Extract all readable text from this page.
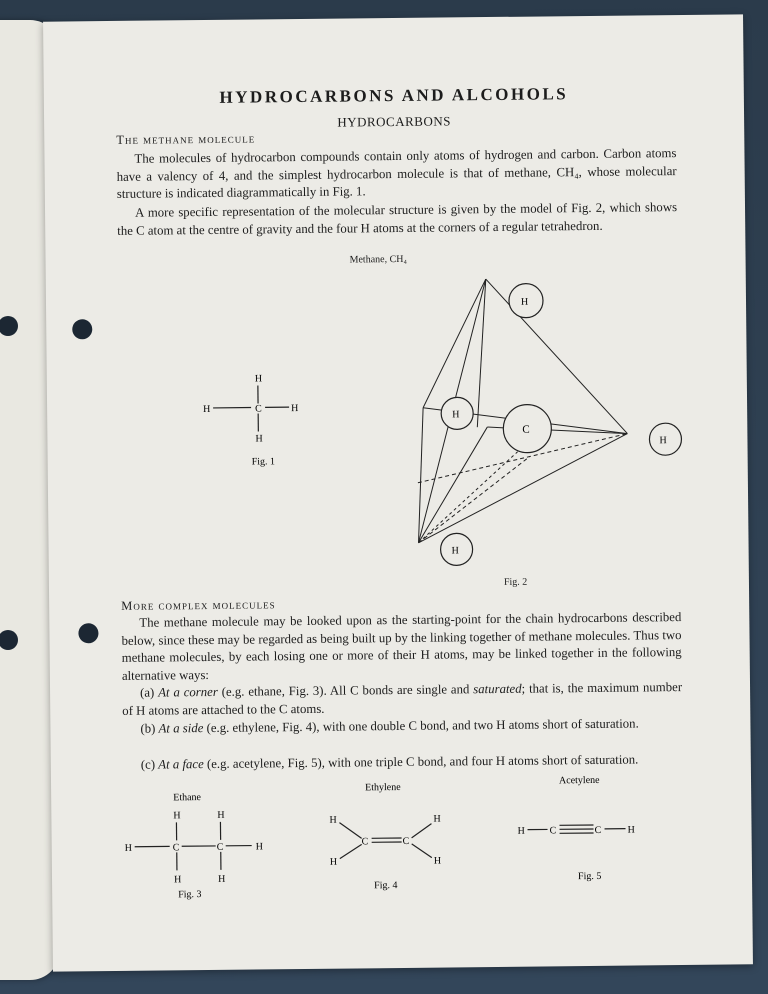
HYDROCARBONS AND ALCOHOLS
HYDROCARBONS
The methane molecule
The molecules of hydrocarbon compounds contain only atoms of hydrogen and carbon. Carbon atoms have a valency of 4, and the simplest hydrocarbon molecule is that of methane, CH₄, whose molecular structure is indicated diagrammatically in Fig. 1.
A more specific representation of the molecular structure is given by the model of Fig. 2, which shows the C atom at the centre of gravity and the four H atoms at the corners of a regular tetrahedron.
Methane, CH₄
H
H	C	H
H
Fig. 1
H
H
C
H
H
Fig. 2
More complex molecules
The methane molecule may be looked upon as the starting-point for the chain hydrocarbons described below, since these may be regarded as being built up by the linking together of methane molecules. Thus two methane molecules, by each losing one or more of their H atoms, may be linked together in the following alternative ways:
(a) At a corner (e.g. ethane, Fig. 3). All C bonds are single and saturated; that is, the maximum number of H atoms are attached to the C atoms.
(b) At a side (e.g. ethylene, Fig. 4), with one double C bond, and two H atoms short of saturation.
(c) At a face (e.g. acetylene, Fig. 5), with one triple C bond, and four H atoms short of saturation.
Ethane
H	H
H	C	C	H
H	H
Fig. 3
Ethylene
H
C	C
H
H	H
Fig. 4
Acetylene
H C	C	H
Fig. 5
